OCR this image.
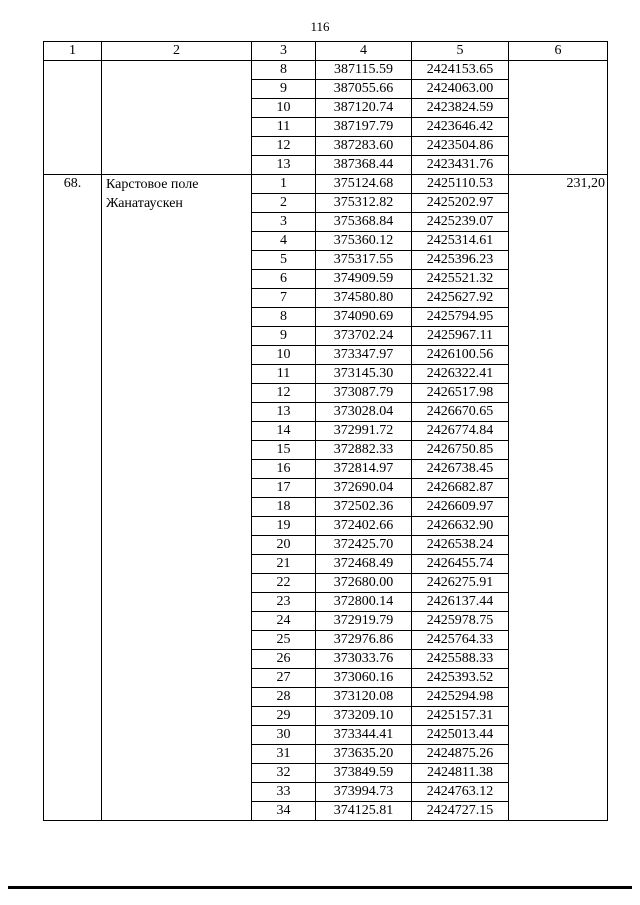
116
1	2	3	4	5	6
		8	387115.59	2424153.65	
		9	387055.66	2424063.00	
		10	387120.74	2423824.59	
		11	387197.79	2423646.42	
		12	387283.60	2423504.86	
		13	387368.44	2423431.76	
68.	Карстовое поле Жанатаускен	1	375124.68	2425110.53	231,20
		2	375312.82	2425202.97	
		3	375368.84	2425239.07	
		4	375360.12	2425314.61	
		5	375317.55	2425396.23	
		6	374909.59	2425521.32	
		7	374580.80	2425627.92	
		8	374090.69	2425794.95	
		9	373702.24	2425967.11	
		10	373347.97	2426100.56	
		11	373145.30	2426322.41	
		12	373087.79	2426517.98	
		13	373028.04	2426670.65	
		14	372991.72	2426774.84	
		15	372882.33	2426750.85	
		16	372814.97	2426738.45	
		17	372690.04	2426682.87	
		18	372502.36	2426609.97	
		19	372402.66	2426632.90	
		20	372425.70	2426538.24	
		21	372468.49	2426455.74	
		22	372680.00	2426275.91	
		23	372800.14	2426137.44	
		24	372919.79	2425978.75	
		25	372976.86	2425764.33	
		26	373033.76	2425588.33	
		27	373060.16	2425393.52	
		28	373120.08	2425294.98	
		29	373209.10	2425157.31	
		30	373344.41	2425013.44	
		31	373635.20	2424875.26	
		32	373849.59	2424811.38	
		33	373994.73	2424763.12	
		34	374125.81	2424727.15	
